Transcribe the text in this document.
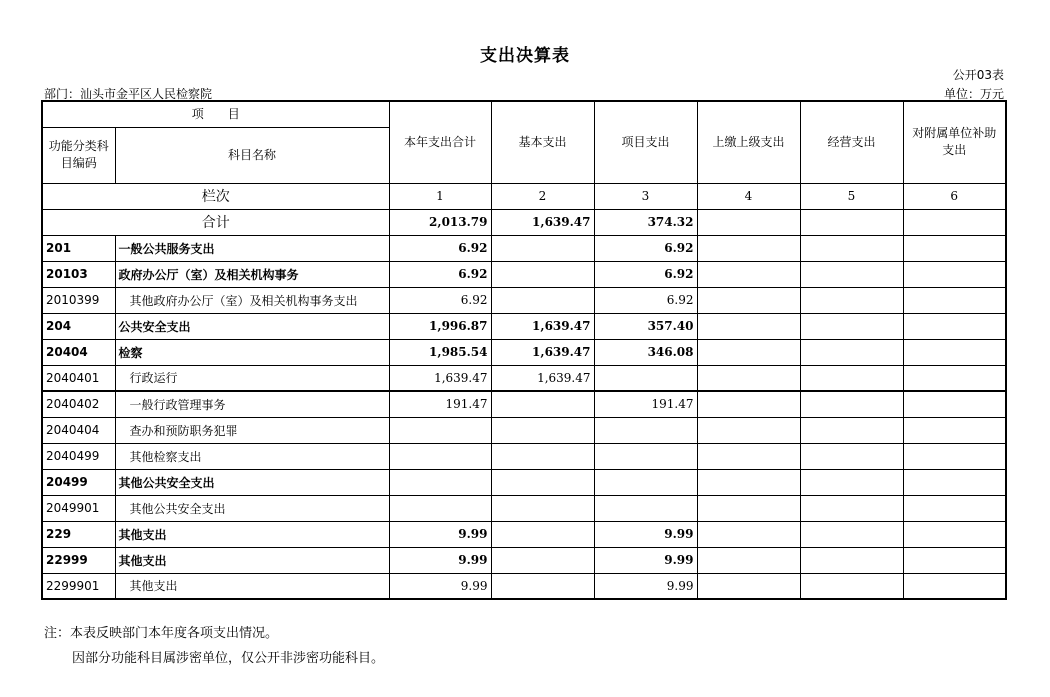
支出决算表
公开03表
部门：汕头市金平区人民检察院	单位：万元
项　　目		本年支出合计	基本支出	项目支出	上缴上级支出	经营支出	对附属单位补助支出
功能分类科目编码	科目名称						
栏次		1	2	3	4	5	6
合计		2,013.79	1,639.47	374.32			
201	一般公共服务支出	6.92		6.92			
20103	政府办公厅（室）及相关机构事务	6.92		6.92			
2010399	其他政府办公厅（室）及相关机构事务支出	6.92		6.92			
204	公共安全支出	1,996.87	1,639.47	357.40			
20404	检察	1,985.54	1,639.47	346.08			
2040401	行政运行	1,639.47	1,639.47				
2040402	一般行政管理事务	191.47		191.47			
2040404	查办和预防职务犯罪						
2040499	其他检察支出						
20499	其他公共安全支出						
2049901	其他公共安全支出						
229	其他支出	9.99		9.99			
22999	其他支出	9.99		9.99			
2299901	其他支出	9.99		9.99			
注：本表反映部门本年度各项支出情况。
因部分功能科目属涉密单位，仅公开非涉密功能科目。
